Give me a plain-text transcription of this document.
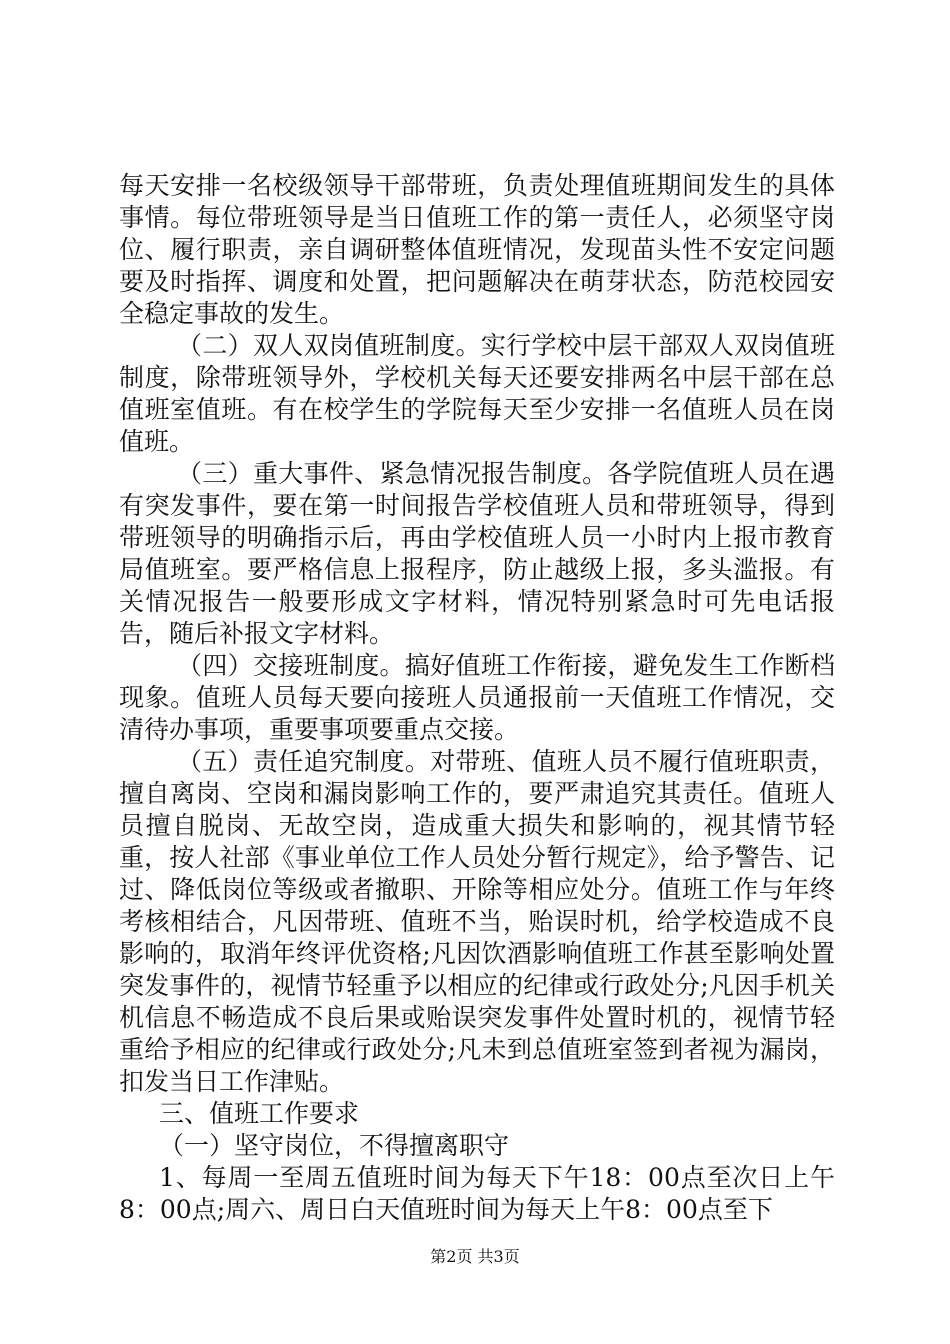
每天安排一名校级领导干部带班，负责处理值班期间发生的具体事情。每位带班领导是当日值班工作的第一责任人，必须坚守岗位、履行职责，亲自调研整体值班情况，发现苗头性不安定问题要及时指挥、调度和处置，把问题解决在萌芽状态，防范校园安全稳定事故的发生。

（二）双人双岗值班制度。实行学校中层干部双人双岗值班制度，除带班领导外，学校机关每天还要安排两名中层干部在总值班室值班。有在校学生的学院每天至少安排一名值班人员在岗值班。

（三）重大事件、紧急情况报告制度。各学院值班人员在遇有突发事件，要在第一时间报告学校值班人员和带班领导，得到带班领导的明确指示后，再由学校值班人员一小时内上报市教育局值班室。要严格信息上报程序，防止越级上报，多头滥报。有关情况报告一般要形成文字材料，情况特别紧急时可先电话报告，随后补报文字材料。

（四）交接班制度。搞好值班工作衔接，避免发生工作断档现象。值班人员每天要向接班人员通报前一天值班工作情况，交清待办事项，重要事项要重点交接。

（五）责任追究制度。对带班、值班人员不履行值班职责，擅自离岗、空岗和漏岗影响工作的，要严肃追究其责任。值班人员擅自脱岗、无故空岗，造成重大损失和影响的，视其情节轻重，按人社部《事业单位工作人员处分暂行规定》，给予警告、记过、降低岗位等级或者撤职、开除等相应处分。值班工作与年终考核相结合，凡因带班、值班不当，贻误时机，给学校造成不良影响的，取消年终评优资格;凡因饮酒影响值班工作甚至影响处置突发事件的，视情节轻重予以相应的纪律或行政处分;凡因手机关机信息不畅造成不良后果或贻误突发事件处置时机的，视情节轻重给予相应的纪律或行政处分;凡未到总值班室签到者视为漏岗，扣发当日工作津贴。

三、值班工作要求

（一）坚守岗位，不得擅离职守

1、每周一至周五值班时间为每天下午18：00点至次日上午8：00点;周六、周日白天值班时间为每天上午8：00点至下

第2页 共3页
